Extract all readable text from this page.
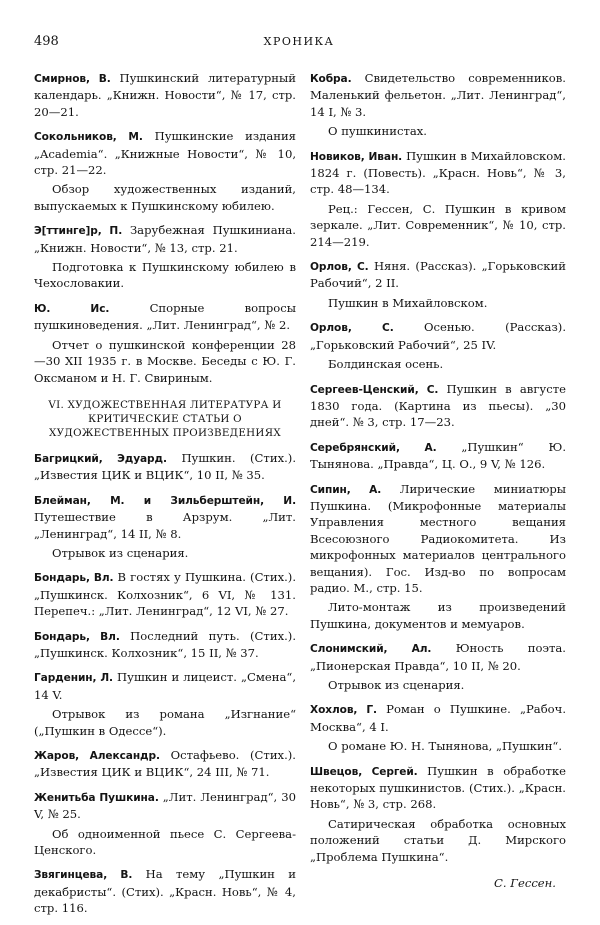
498	ХРОНИКА
Смирнов, В. Пушкинский литературный календарь. „Книжн. Новости“, № 17, стр. 20—21.
Сокольников, М. Пушкинские издания „Academia“. „Книжные Новости“, № 10, стр. 21—22.
Обзор художественных изданий, выпускаемых к Пушкинскому юбилею.
Э[ттинге]р, П. Зарубежная Пушкиниана. „Книжн. Новости“, № 13, стр. 21.
Подготовка к Пушкинскому юбилею в Чехословакии.
Ю. Ис.	Спорные вопросы пушкиноведения. „Лит. Ленинград“, № 2.
Отчет о пушкинской конференции 28—30 XII 1935 г. в Москве. Беседы с Ю. Г. Оксманом и Н. Г. Свириным.
VI. ХУДОЖЕСТВЕННАЯ ЛИТЕРАТУРА И КРИТИЧЕСКИЕ СТАТЬИ О ХУДОЖЕСТВЕННЫХ ПРОИЗВЕДЕНИЯХ
Багрицкий, Эдуард. Пушкин. (Стих.). „Известия ЦИК и ВЦИК“, 10 II, № 35.
Блейман, М. и Зильберштейн, И. Путешествие в Арзрум. „Лит. „Ленинград“, 14 II, № 8.
Отрывок из сценария.
Бондарь, Вл. В гостях у Пушкина. (Стих.). „Пушкинск. Колхозник“, 6 VI, № 131. Перепеч.: „Лит. Ленинград“, 12 VI, № 27.
Бондарь, Вл. Последний путь. (Стих.). „Пушкинск. Колхозник“, 15 II, № 37.
Гарденин, Л. Пушкин и лицеист. „Смена“, 14 V.
Отрывок из романа „Изгнание“ („Пушкин в Одессе“).
Жаров, Александр. Остафьево. (Стих.). „Известия ЦИК и ВЦИК“, 24 III, № 71.
Женитьба Пушкина. „Лит. Ленинград“, 30 V, № 25.
Об одноименной пьесе С. Сергеева-Ценского.
Звягинцева, В. На тему „Пушкин и декабристы“. (Стих). „Красн. Новь“, № 4, стр. 116.
Кобра. Свидетельство современников. Маленький фельетон. „Лит. Ленинград“, 14 I, № 3.
О пушкинистах.
Новиков, Иван. Пушкин в Михайловском. 1824 г. (Повесть). „Красн. Новь“, № 3, стр. 48—134.
Рец.: Гессен, С. Пушкин в кривом зеркале. „Лит. Современник“, № 10, стр. 214—219.
Орлов, С. Няня. (Рассказ). „Горьковский Рабочий“, 2 II.
Пушкин в Михайловском.
Орлов, С.	Осенью. (Рассказ). „Горьковский Рабочий“, 25 IV.
Болдинская осень.
Сергеев-Ценский, С. Пушкин в августе 1830 года. (Картина из пьесы). „30 дней“. № 3, стр. 17—23.
Серебрянский, А. „Пушкин“ Ю. Тынянова. „Правда“, Ц. О., 9 V, № 126.
Сипин, А. Лирические миниатюры Пушкина. (Микрофонные материалы Управления местного вещания Всесоюзного Радиокомитета. Из микрофонных материалов центрального вещания). Гос. Изд-во по вопросам радио. М., стр. 15.
Лито-монтаж из произведений Пушкина, документов и мемуаров.
Слонимский, Ал. Юность поэта. „Пионерская Правда“, 10 II, № 20.
Отрывок из сценария.
Хохлов, Г. Роман о Пушкине. „Рабоч. Москва“, 4 I.
О романе Ю. Н. Тынянова, „Пушкин“.
Швецов, Сергей. Пушкин в обработке некоторых пушкинистов. (Стих.). „Красн. Новь“, № 3, стр. 268.
Сатирическая обработка основных положений статьи Д. Мирского „Проблема Пушкина“.
С. Гессен.
